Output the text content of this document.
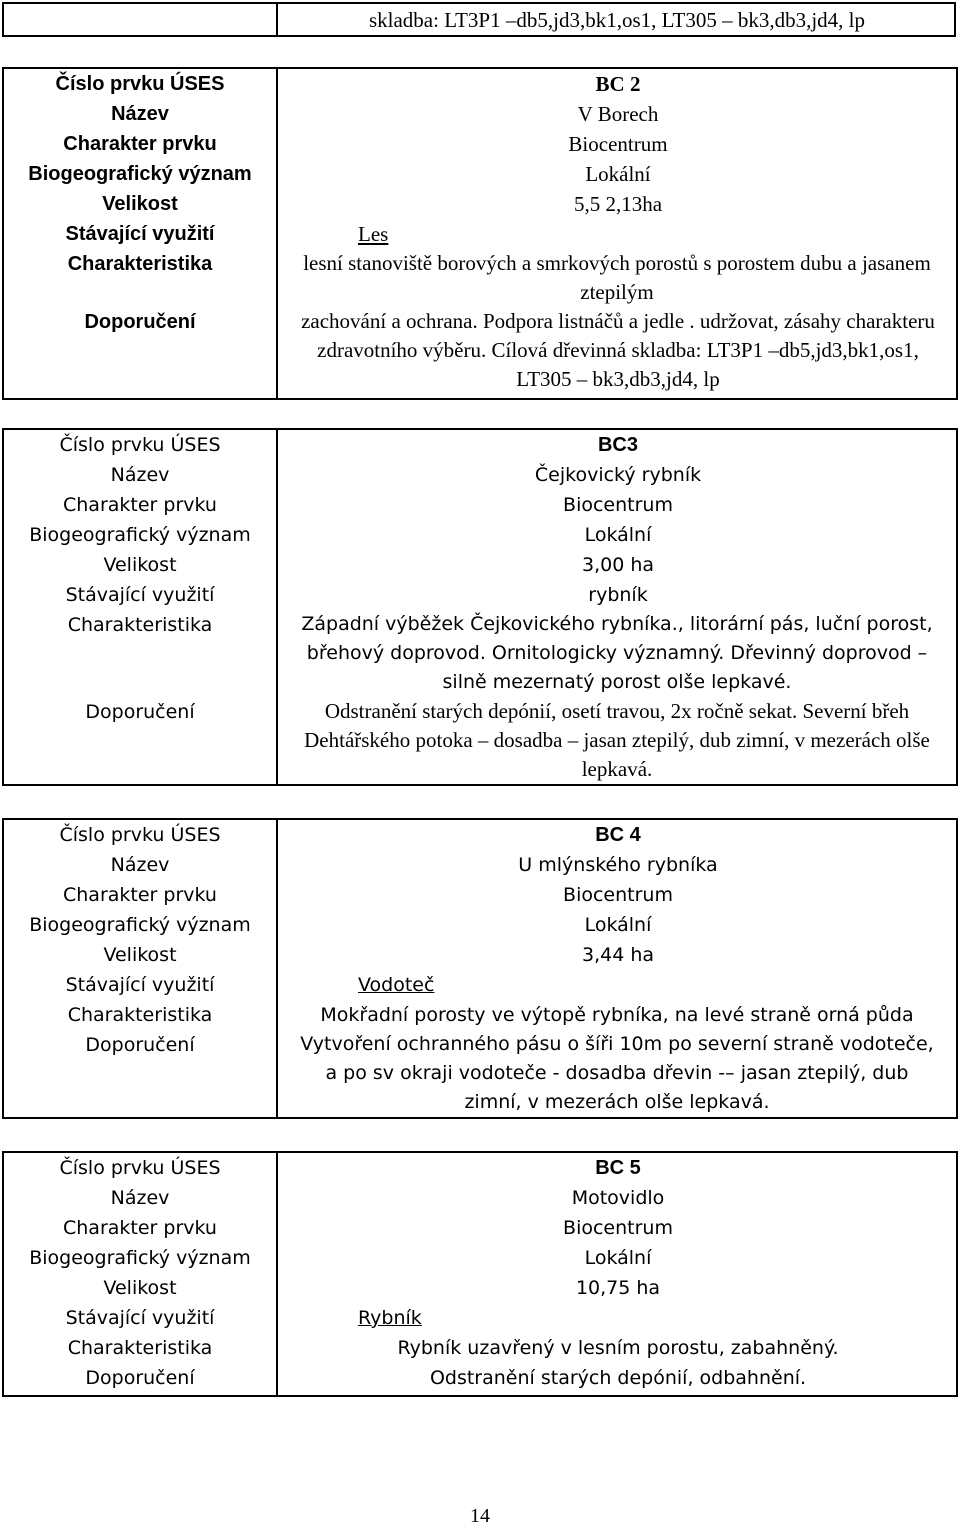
skladba: LT3P1 –db5,jd3,bk1,os1, LT305 – bk3,db3,jd4, lp
Číslo prvku ÚSES	BC 2
Název	V Borech
Charakter prvku	Biocentrum
Biogeografický význam	Lokální
Velikost	5,5 2,13ha
Stávající využití	Les
Charakteristika	lesní stanoviště borových a smrkových porostů s porostem dubu a jasanem ztepilým
Doporučení	zachování a ochrana. Podpora listnáčů a jedle . udržovat, zásahy charakteru zdravotního výběru. Cílová dřevinná skladba: LT3P1 –db5,jd3,bk1,os1, LT305 – bk3,db3,jd4, lp
Číslo prvku ÚSES	BC3
Název	Čejkovický rybník
Charakter prvku	Biocentrum
Biogeografický význam	Lokální
Velikost	3,00 ha
Stávající využití	rybník
Charakteristika	Západní výběžek Čejkovického rybníka., litorární pás, luční porost, břehový doprovod. Ornitologicky významný. Dřevinný doprovod – silně mezernatý porost olše lepkavé.
Doporučení	Odstranění starých depónií, osetí travou, 2x ročně sekat. Severní břeh Dehtářského potoka – dosadba – jasan ztepilý, dub zimní, v mezerách olše lepkavá.
Číslo prvku ÚSES	BC 4
Název	U mlýnského rybníka
Charakter prvku	Biocentrum
Biogeografický význam	Lokální
Velikost	3,44 ha
Stávající využití	Vodoteč
Charakteristika	Mokřadní porosty ve výtopě rybníka, na levé straně orná půda
Doporučení	Vytvoření ochranného pásu o šíři 10m po severní straně vodoteče, a po sv okraji vodoteče - dosadba dřevin -– jasan ztepilý, dub zimní, v mezerách olše lepkavá.
Číslo prvku ÚSES	BC 5
Název	Motovidlo
Charakter prvku	Biocentrum
Biogeografický význam	Lokální
Velikost	10,75 ha
Stávající využití	Rybník
Charakteristika	Rybník uzavřený v lesním porostu, zabahněný.
Doporučení	Odstranění starých depónií, odbahnění.
14
